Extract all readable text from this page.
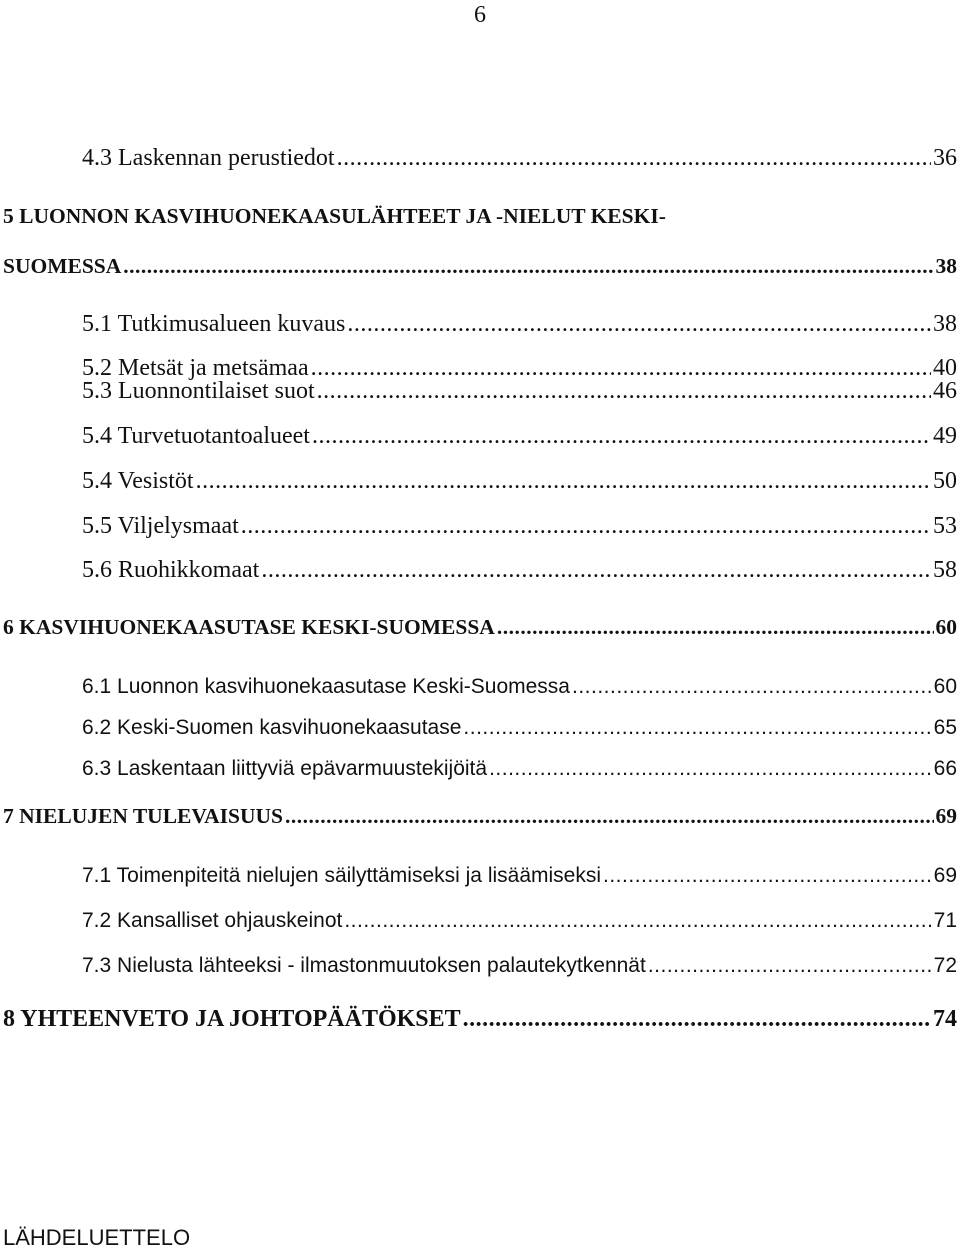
6
4.3 Laskennan perustiedot .....	36
5 LUONNON KASVIHUONEKAASULÄHTEET JA -NIELUT KESKI-
SUOMESSA .....	38
5.1 Tutkimusalueen kuvaus .....	38
5.2 Metsät ja metsämaa .....	40
5.3 Luonnontilaiset suot .....	46
5.4 Turvetuotantoalueet .....	49
5.4 Vesistöt .....	50
5.5 Viljelysmaat .....	53
5.6 Ruohikkomaat .....	58
6 KASVIHUONEKAASUTASE KESKI-SUOMESSA .....	60
6.1 Luonnon kasvihuonekaasutase Keski-Suomessa .....	60
6.2 Keski-Suomen kasvihuonekaasutase .....	65
6.3 Laskentaan liittyviä epävarmuustekijöitä .....	66
7 NIELUJEN TULEVAISUUS .....	69
7.1 Toimenpiteitä nielujen säilyttämiseksi ja lisäämiseksi .....	69
7.2 Kansalliset ohjauskeinot .....	71
7.3 Nielusta lähteeksi - ilmastonmuutoksen palautekytkennät .....	72
8 YHTEENVETO JA JOHTOPÄÄTÖKSET .....	74
LÄHDELUETTELO
